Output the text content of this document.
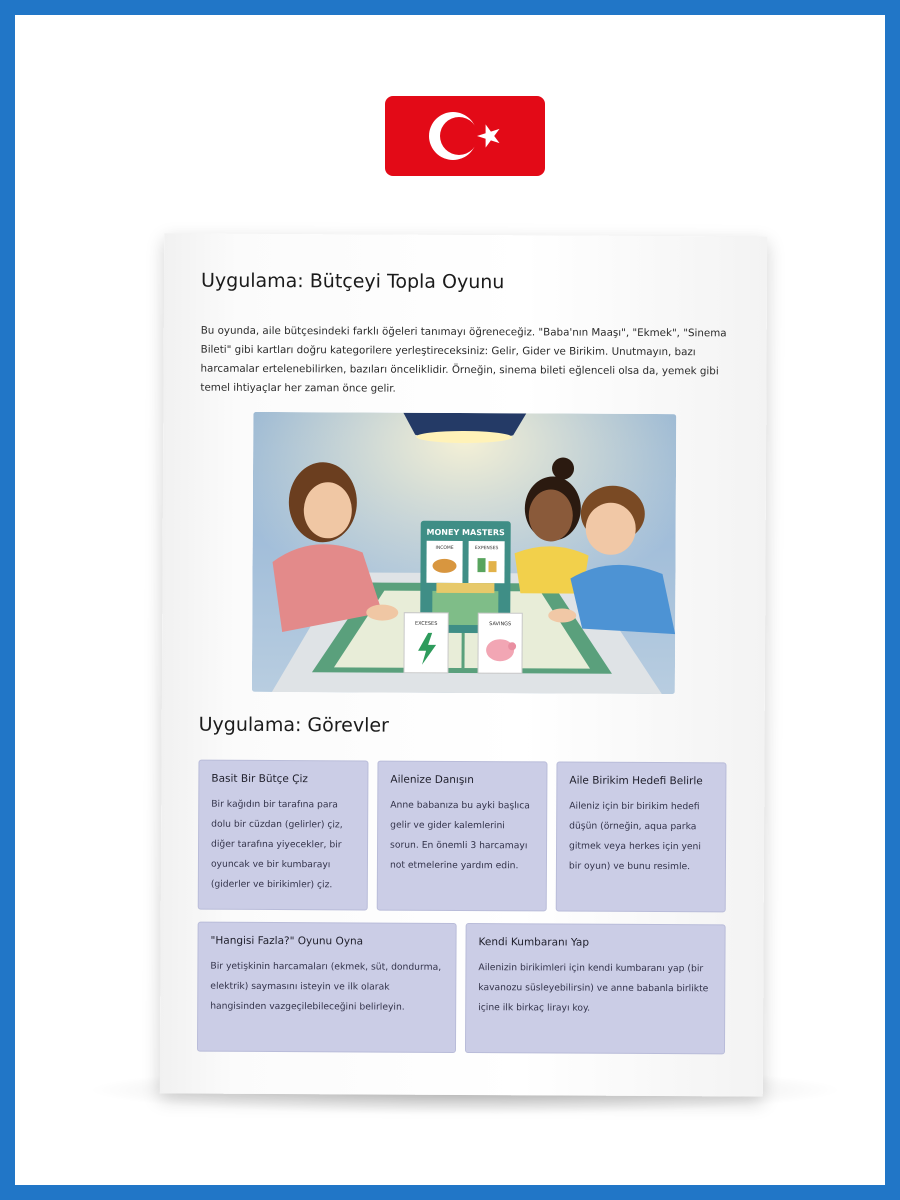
Uygulama: Bütçeyi Topla Oyunu

Bu oyunda, aile bütçesindeki farklı öğeleri tanımayı öğreneceğiz. "Baba'nın Maaşı", "Ekmek", "Sinema Bileti" gibi kartları doğru kategorilere yerleştireceksiniz: Gelir, Gider ve Birikim. Unutmayın, bazı harcamalar ertelenebilirken, bazıları önceliklidir. Örneğin, sinema bileti eğlenceli olsa da, yemek gibi temel ihtiyaçlar her zaman önce gelir.

MONEY MASTERS
INCOME	EXPENSES
EXCESES	SAVINGS
Uygulama: Görevler
Basit Bir Bütçe Çiz

Bir kağıdın bir tarafına para dolu bir cüzdan (gelirler) çiz, diğer tarafına yiyecekler, bir oyuncak ve bir kumbarayı (giderler ve birikimler) çiz.

Ailenize Danışın

Anne babanıza bu ayki başlıca gelir ve gider kalemlerini sorun. En önemli 3 harcamayı not etmelerine yardım edin.

Aile Birikim Hedefi Belirle

Aileniz için bir birikim hedefi düşün (örneğin, aqua parka gitmek veya herkes için yeni bir oyun) ve bunu resimle.

"Hangisi Fazla?" Oyunu Oyna

Bir yetişkinin harcamaları (ekmek, süt, dondurma, elektrik) saymasını isteyin ve ilk olarak hangisinden vazgeçilebileceğini belirleyin.

Kendi Kumbaranı Yap

Ailenizin birikimleri için kendi kumbaranı yap (bir kavanozu süsleyebilirsin) ve anne babanla birlikte içine ilk birkaç lirayı koy.
